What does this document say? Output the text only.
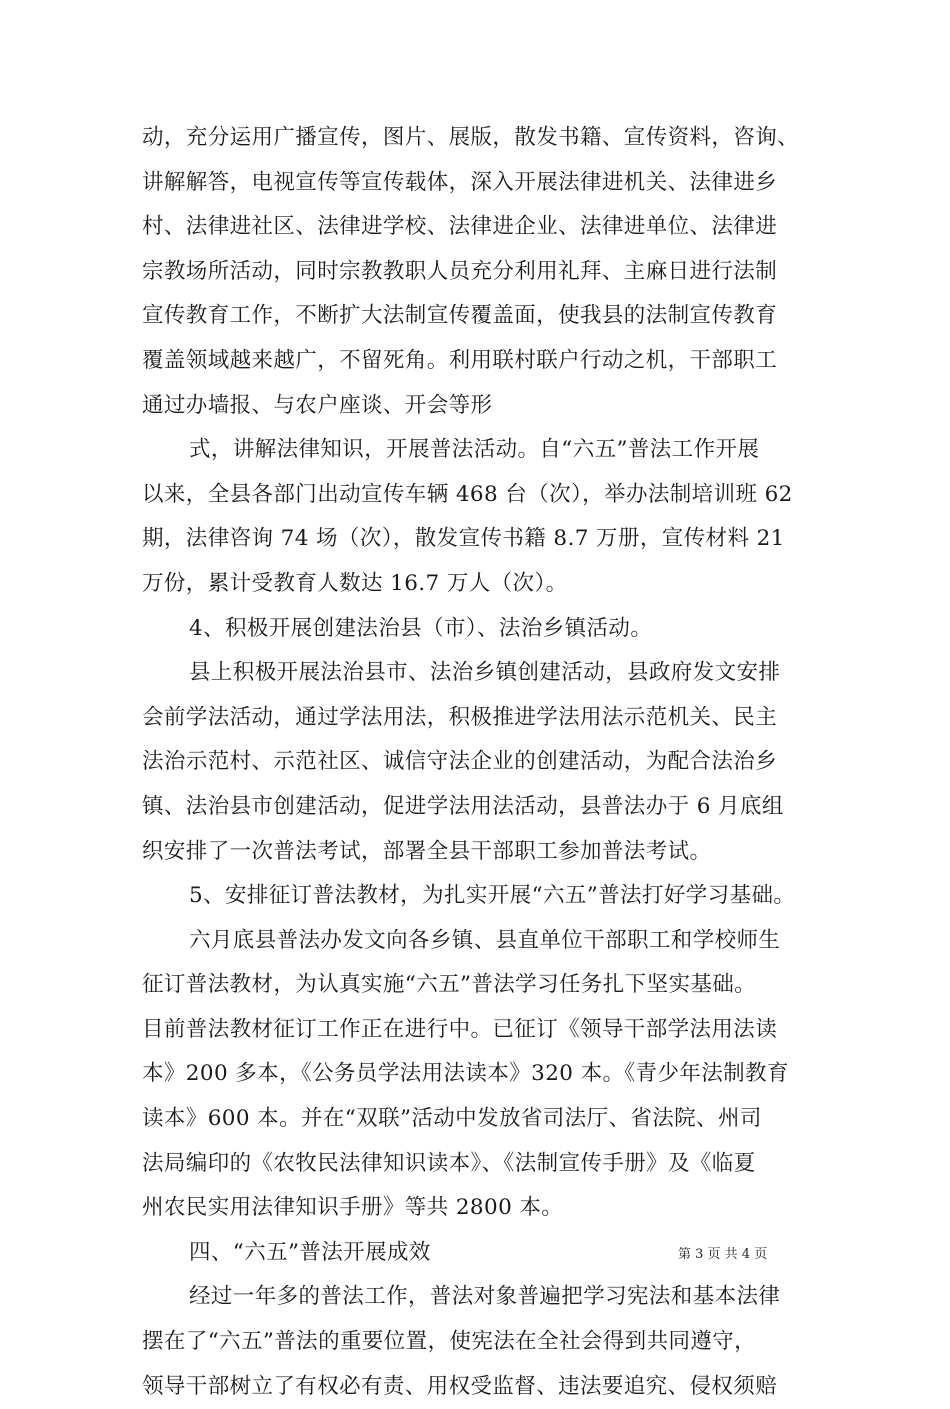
动，充分运用广播宣传，图片、展版，散发书籍、宣传资料，咨询、
讲解解答，电视宣传等宣传载体，深入开展法律进机关、法律进乡
村、法律进社区、法律进学校、法律进企业、法律进单位、法律进
宗教场所活动，同时宗教教职人员充分利用礼拜、主麻日进行法制
宣传教育工作，不断扩大法制宣传覆盖面，使我县的法制宣传教育
覆盖领域越来越广，不留死角。利用联村联户行动之机，干部职工
通过办墙报、与农户座谈、开会等形
式，讲解法律知识，开展普法活动。自“六五”普法工作开展
以来，全县各部门出动宣传车辆 468 台（次），举办法制培训班 62
期，法律咨询 74 场（次），散发宣传书籍 8.7 万册，宣传材料 21
万份，累计受教育人数达 16.7 万人（次）。
4、积极开展创建法治县（市）、法治乡镇活动。
县上积极开展法治县市、法治乡镇创建活动，县政府发文安排
会前学法活动，通过学法用法，积极推进学法用法示范机关、民主
法治示范村、示范社区、诚信守法企业的创建活动，为配合法治乡
镇、法治县市创建活动，促进学法用法活动，县普法办于 6 月底组
织安排了一次普法考试，部署全县干部职工参加普法考试。
5、安排征订普法教材，为扎实开展“六五”普法打好学习基础。
六月底县普法办发文向各乡镇、县直单位干部职工和学校师生
征订普法教材，为认真实施“六五”普法学习任务扎下坚实基础。
目前普法教材征订工作正在进行中。已征订《领导干部学法用法读
本》200 多本，《公务员学法用法读本》320 本。《青少年法制教育
读本》600 本。并在“双联”活动中发放省司法厅、省法院、州司
法局编印的《农牧民法律知识读本》、《法制宣传手册》及《临夏
州农民实用法律知识手册》等共 2800 本。
四、“六五”普法开展成效
经过一年多的普法工作，普法对象普遍把学习宪法和基本法律
摆在了“六五”普法的重要位置，使宪法在全社会得到共同遵守，
领导干部树立了有权必有责、用权受监督、违法要追究、侵权须赔
第 3 页 共 4 页
